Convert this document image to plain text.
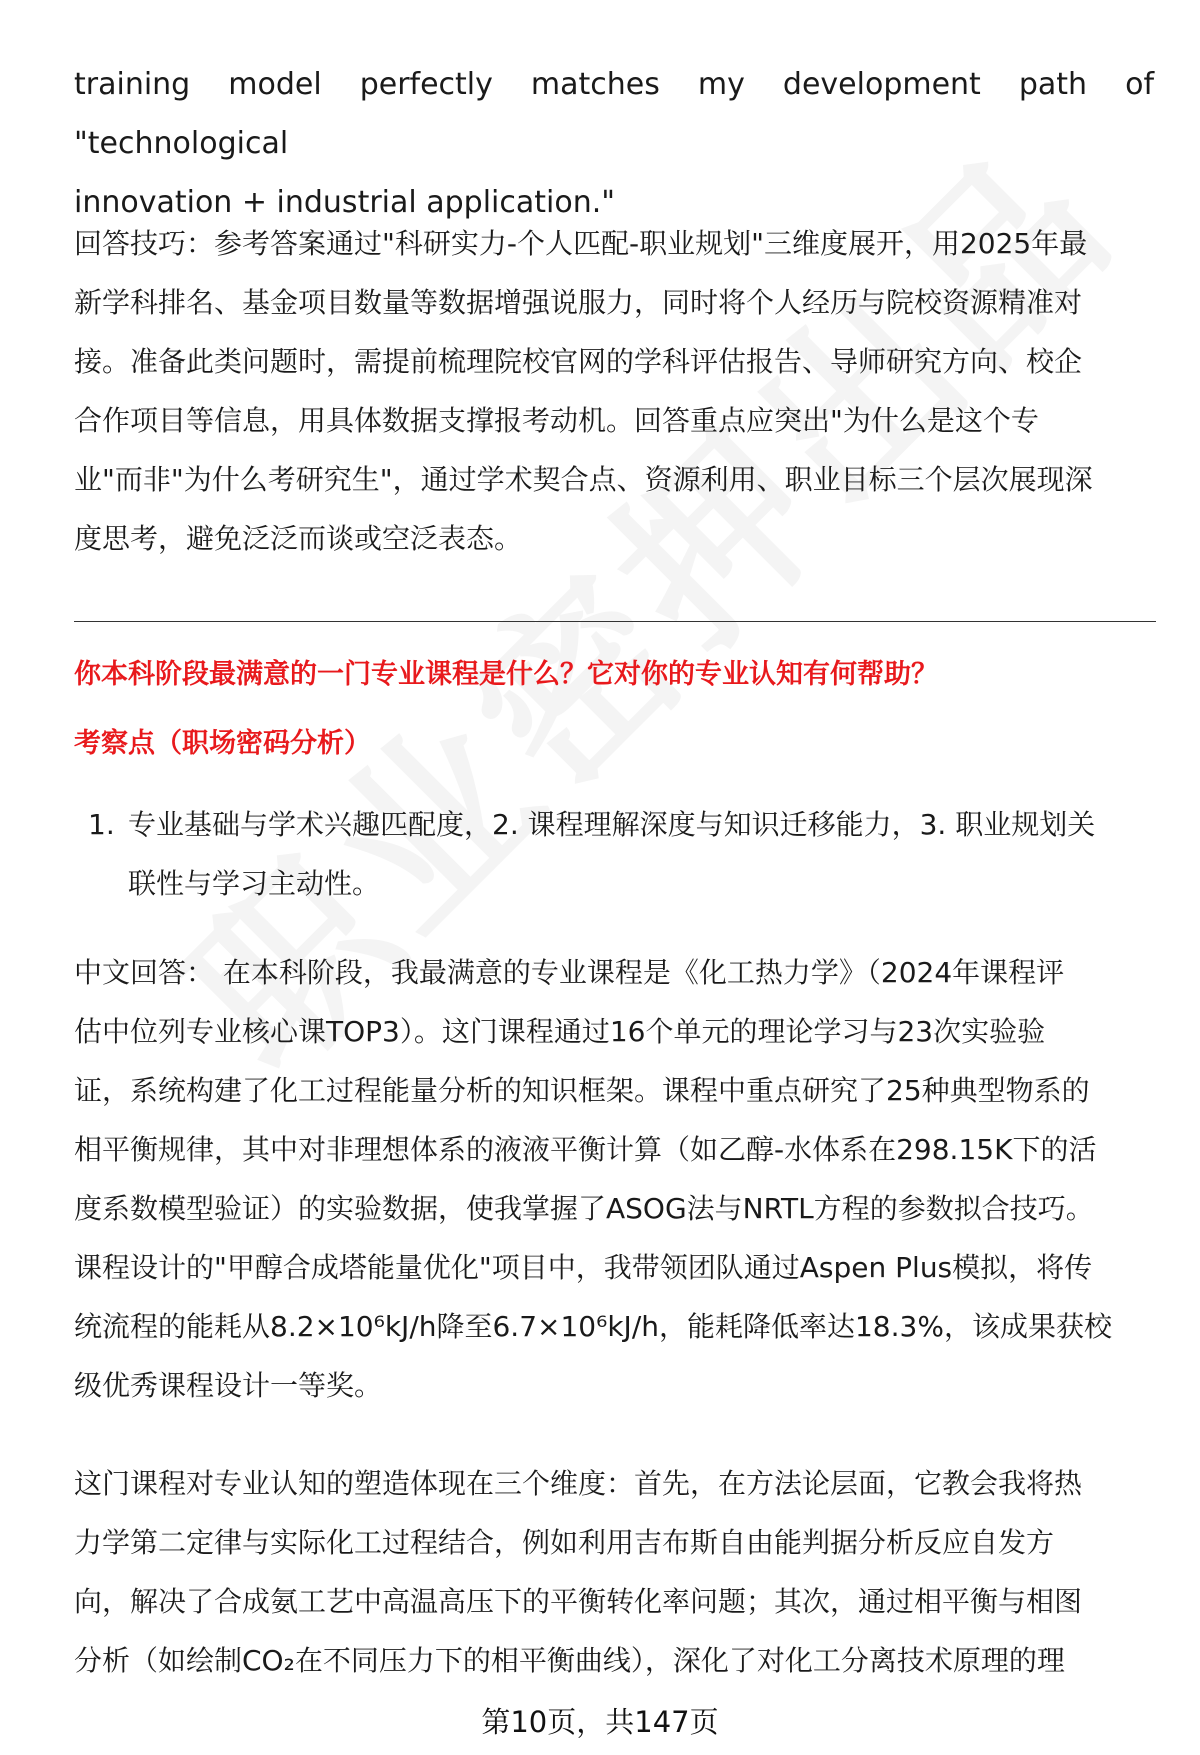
training model perfectly matches my development path of "technological

innovation + industrial application."

回答技巧：参考答案通过"科研实力-个人匹配-职业规划"三维度展开，用2025年最

新学科排名、基金项目数量等数据增强说服力，同时将个人经历与院校资源精准对

接。准备此类问题时，需提前梳理院校官网的学科评估报告、导师研究方向、校企

合作项目等信息，用具体数据支撑报考动机。回答重点应突出"为什么是这个专

业"而非"为什么考研究生"，通过学术契合点、资源利用、职业目标三个层次展现深

度思考，避免泛泛而谈或空泛表态。

你本科阶段最满意的一门专业课程是什么？它对你的专业认知有何帮助？
考察点（职场密码分析）
1. 专业基础与学术兴趣匹配度，2. 课程理解深度与知识迁移能力，3. 职业规划关
联性与学习主动性。

中文回答： 在本科阶段，我最满意的专业课程是《化工热力学》（2024年课程评

估中位列专业核心课TOP3）。这门课程通过16个单元的理论学习与23次实验验

证，系统构建了化工过程能量分析的知识框架。课程中重点研究了25种典型物系的

相平衡规律，其中对非理想体系的液液平衡计算（如乙醇-水体系在298.15K下的活

度系数模型验证）的实验数据，使我掌握了ASOG法与NRTL方程的参数拟合技巧。

课程设计的"甲醇合成塔能量优化"项目中，我带领团队通过Aspen Plus模拟，将传

统流程的能耗从8.2×10⁶kJ/h降至6.7×10⁶kJ/h，能耗降低率达18.3%，该成果获校

级优秀课程设计一等奖。

这门课程对专业认知的塑造体现在三个维度：首先，在方法论层面，它教会我将热

力学第二定律与实际化工过程结合，例如利用吉布斯自由能判据分析反应自发方

向，解决了合成氨工艺中高温高压下的平衡转化率问题；其次，通过相平衡与相图

分析（如绘制CO₂在不同压力下的相平衡曲线），深化了对化工分离技术原理的理

第10页，共147页
